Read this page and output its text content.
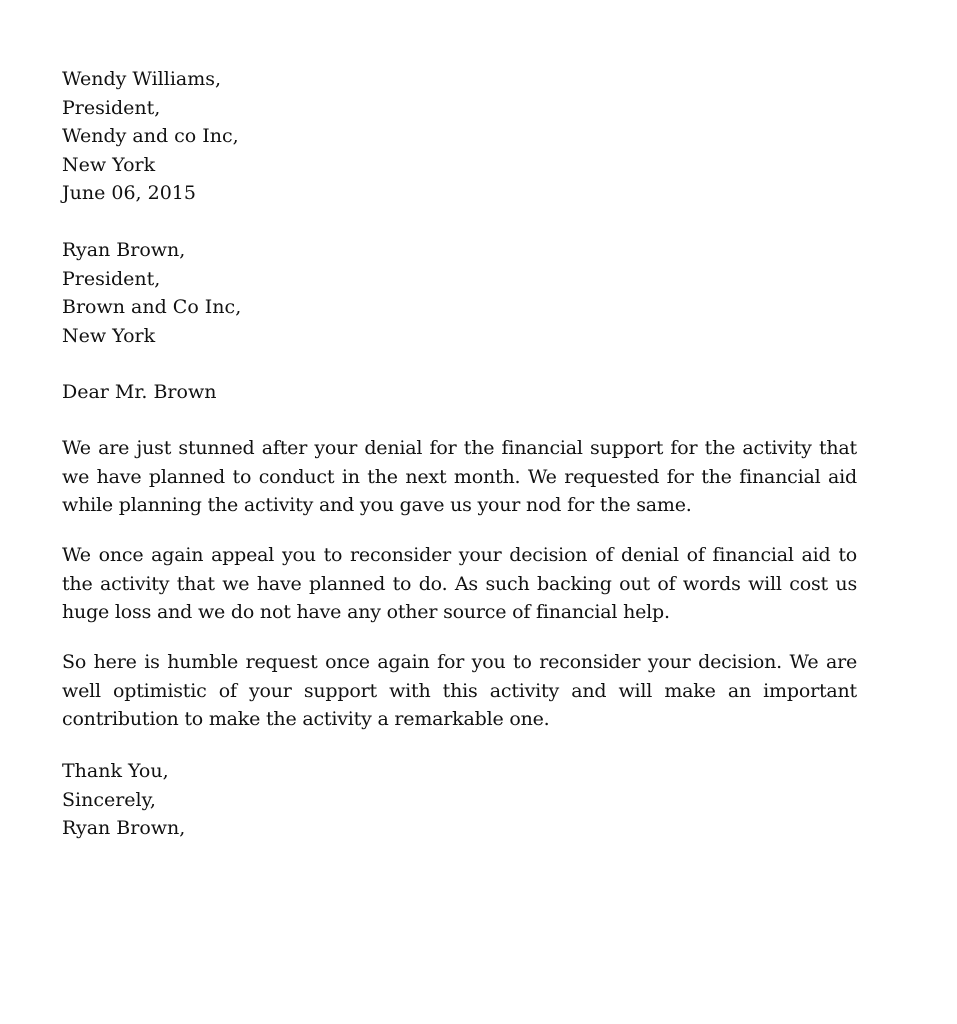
Wendy Williams,
President,
Wendy and co Inc,
New York
June 06, 2015
Ryan Brown,
President,
Brown and Co Inc,
New York
Dear Mr. Brown

We are just stunned after your denial for the financial support for the activity that we have planned to conduct in the next month. We requested for the financial aid while planning the activity and you gave us your nod for the same.

We once again appeal you to reconsider your decision of denial of financial aid to the activity that we have planned to do. As such backing out of words will cost us huge loss and we do not have any other source of financial help.

So here is humble request once again for you to reconsider your decision. We are well optimistic of your support with this activity and will make an important contribution to make the activity a remarkable one.

Thank You,
Sincerely,
Ryan Brown,
